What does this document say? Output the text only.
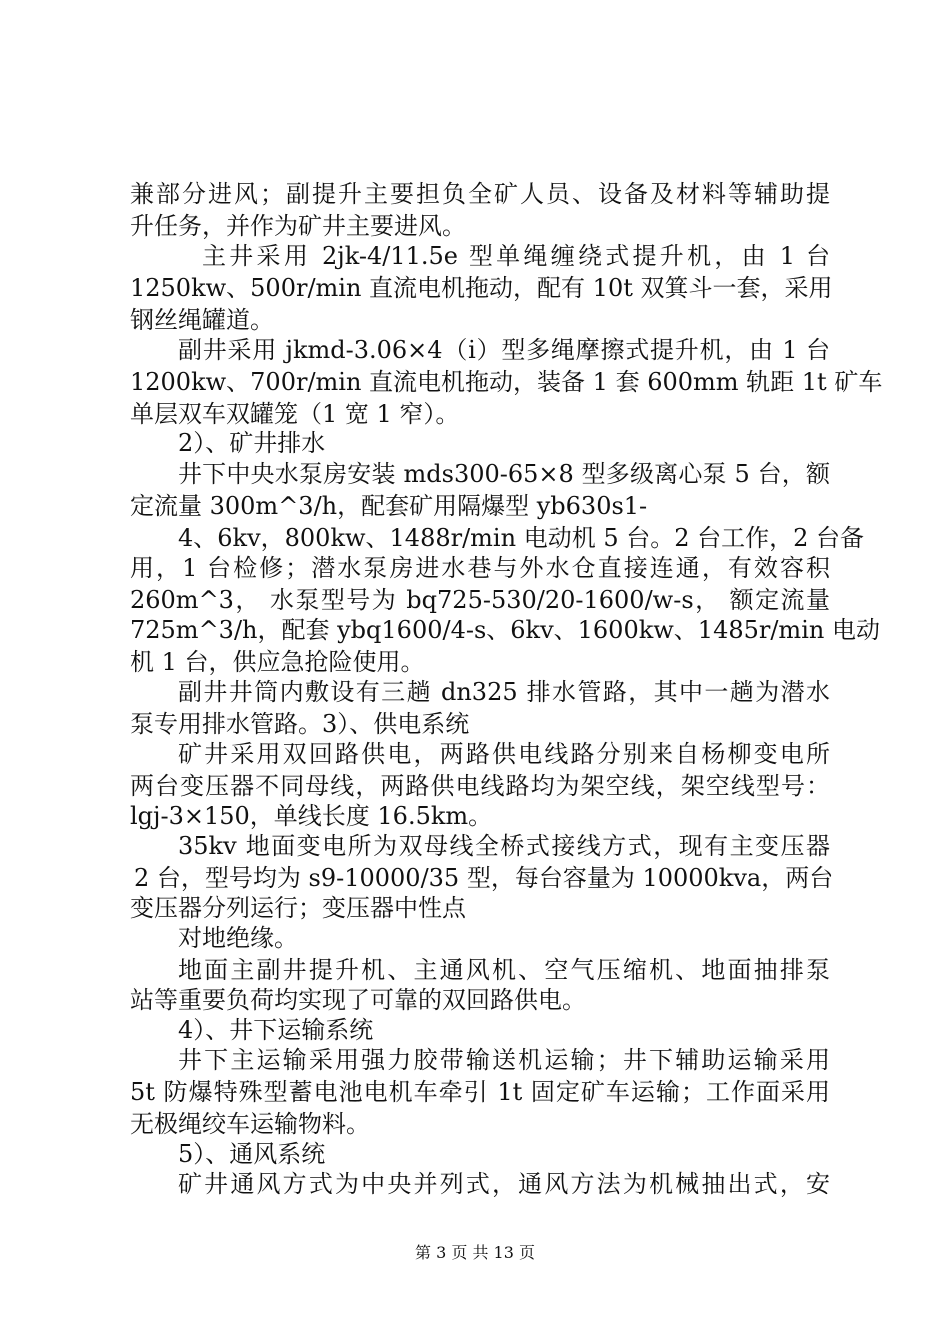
兼部分进风；副提升主要担负全矿人员、设备及材料等辅助提
升任务，并作为矿井主要进风。
主井采用 2jk-4/11.5e 型单绳缠绕式提升机，由 1 台
1250kw、500r/min 直流电机拖动，配有 10t 双箕斗一套，采用
钢丝绳罐道。
副井采用 jkmd-3.06×4（i）型多绳摩擦式提升机，由 1 台
1200kw、700r/min 直流电机拖动，装备 1 套 600mm 轨距 1t 矿车
单层双车双罐笼（1 宽 1 窄）。
2）、矿井排水
井下中央水泵房安装 mds300-65×8 型多级离心泵 5 台，额
定流量 300m^3/h，配套矿用隔爆型 yb630s1-
4、6kv，800kw、1488r/min 电动机 5 台。2 台工作，2 台备
用，1 台检修；潜水泵房进水巷与外水仓直接连通，有效容积
260m^3， 水泵型号为 bq725-530/20-1600/w-s， 额定流量
725m^3/h，配套 ybq1600/4-s、6kv、1600kw、1485r/min 电动
机 1 台，供应急抢险使用。
副井井筒内敷设有三趟 dn325 排水管路，其中一趟为潜水
泵专用排水管路。3）、供电系统
矿井采用双回路供电，两路供电线路分别来自杨柳变电所
两台变压器不同母线，两路供电线路均为架空线，架空线型号：
lgj-3×150，单线长度 16.5km。
35kv 地面变电所为双母线全桥式接线方式，现有主变压器
2 台，型号均为 s9-10000/35 型，每台容量为 10000kva，两台
变压器分列运行；变压器中性点
对地绝缘。
地面主副井提升机、主通风机、空气压缩机、地面抽排泵
站等重要负荷均实现了可靠的双回路供电。
4）、井下运输系统
井下主运输采用强力胶带输送机运输；井下辅助运输采用
5t 防爆特殊型蓄电池电机车牵引 1t 固定矿车运输；工作面采用
无极绳绞车运输物料。
5）、通风系统
矿井通风方式为中央并列式，通风方法为机械抽出式，安
第 3 页 共 13 页
